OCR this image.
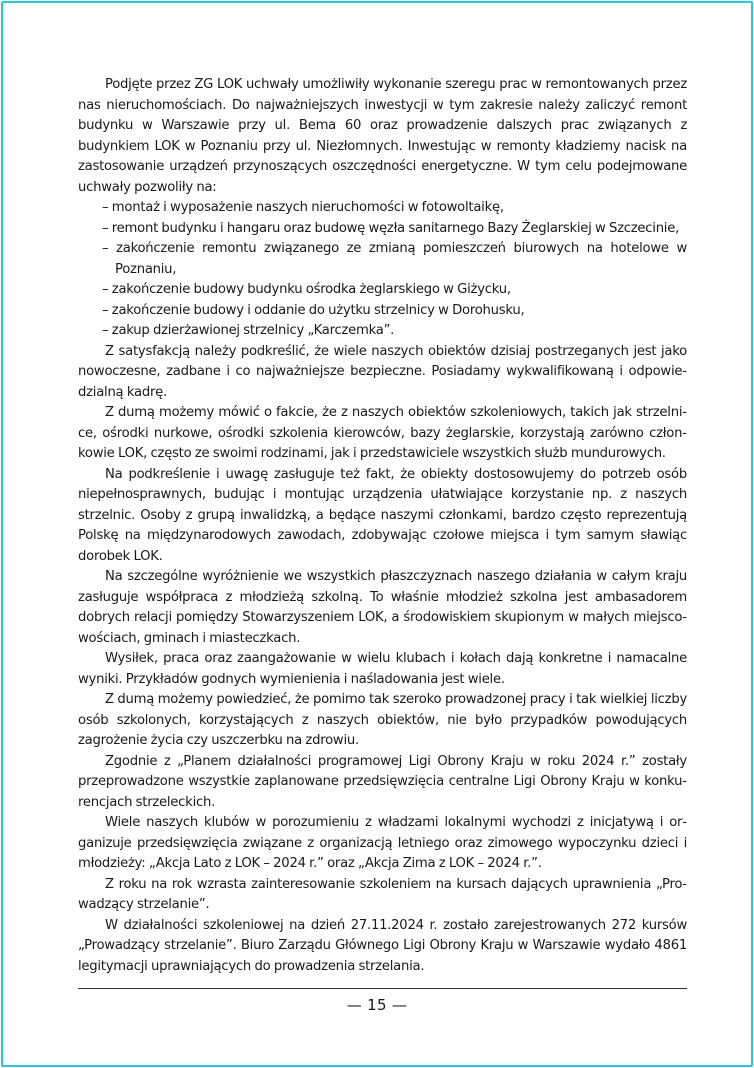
Podjęte przez ZG LOK uchwały umożliwiły wykonanie szeregu prac w remontowanych przez nas nieruchomościach. Do najważniejszych inwestycji w tym zakresie należy zaliczyć remont budynku w Warszawie przy ul. Bema 60 oraz prowadzenie dalszych prac związanych z budynkiem LOK w Poznaniu przy ul. Niezłomnych. Inwestując w remonty kładziemy nacisk na zastosowanie urządzeń przynoszących oszczędności energetyczne. W tym celu podejmowane uchwały pozwoliły na:

– montaż i wyposażenie naszych nieruchomości w fotowoltaikę,
– remont budynku i hangaru oraz budowę węzła sanitarnego Bazy Żeglarskiej w Szczecinie,
– zakończenie remontu związanego ze zmianą pomieszczeń biurowych na hotelowe w Poznaniu,
– zakończenie budowy budynku ośrodka żeglarskiego w Giżycku,
– zakończenie budowy i oddanie do użytku strzelnicy w Dorohusku,
– zakup dzierżawionej strzelnicy „Karczemka”.

Z satysfakcją należy podkreślić, że wiele naszych obiektów dzisiaj postrzeganych jest jako nowoczesne, zadbane i co najważniejsze bezpieczne. Posiadamy wykwalifikowaną i odpowiedzialną kadrę.

Z dumą możemy mówić o fakcie, że z naszych obiektów szkoleniowych, takich jak strzelnice, ośrodki nurkowe, ośrodki szkolenia kierowców, bazy żeglarskie, korzystają zarówno członkowie LOK, często ze swoimi rodzinami, jak i przedstawiciele wszystkich służb mundurowych.

Na podkreślenie i uwagę zasługuje też fakt, że obiekty dostosowujemy do potrzeb osób niepełnosprawnych, budując i montując urządzenia ułatwiające korzystanie np. z naszych strzelnic. Osoby z grupą inwalidzką, a będące naszymi członkami, bardzo często reprezentują Polskę na międzynarodowych zawodach, zdobywając czołowe miejsca i tym samym sławiąc dorobek LOK.

Na szczególne wyróżnienie we wszystkich płaszczyznach naszego działania w całym kraju zasługuje współpraca z młodzieżą szkolną. To właśnie młodzież szkolna jest ambasadorem dobrych relacji pomiędzy Stowarzyszeniem LOK, a środowiskiem skupionym w małych miejscowościach, gminach i miasteczkach.

Wysiłek, praca oraz zaangażowanie w wielu klubach i kołach dają konkretne i namacalne wyniki. Przykładów godnych wymienienia i naśladowania jest wiele.

Z dumą możemy powiedzieć, że pomimo tak szeroko prowadzonej pracy i tak wielkiej liczby osób szkolonych, korzystających z naszych obiektów, nie było przypadków powodujących zagrożenie życia czy uszczerbku na zdrowiu.

Zgodnie z „Planem działalności programowej Ligi Obrony Kraju w roku 2024 r.” zostały przeprowadzone wszystkie zaplanowane przedsięwzięcia centralne Ligi Obrony Kraju w konkurencjach strzeleckich.

Wiele naszych klubów w porozumieniu z władzami lokalnymi wychodzi z inicjatywą i organizuje przedsięwzięcia związane z organizacją letniego oraz zimowego wypoczynku dzieci i młodzieży: „Akcja Lato z LOK – 2024 r.” oraz „Akcja Zima z LOK – 2024 r.”.

Z roku na rok wzrasta zainteresowanie szkoleniem na kursach dających uprawnienia „Prowadzący strzelanie”.

W działalności szkoleniowej na dzień 27.11.2024 r. zostało zarejestrowanych 272 kursów „Prowadzący strzelanie”. Biuro Zarządu Głównego Ligi Obrony Kraju w Warszawie wydało 4861 legitymacji uprawniających do prowadzenia strzelania.

— 15 —
